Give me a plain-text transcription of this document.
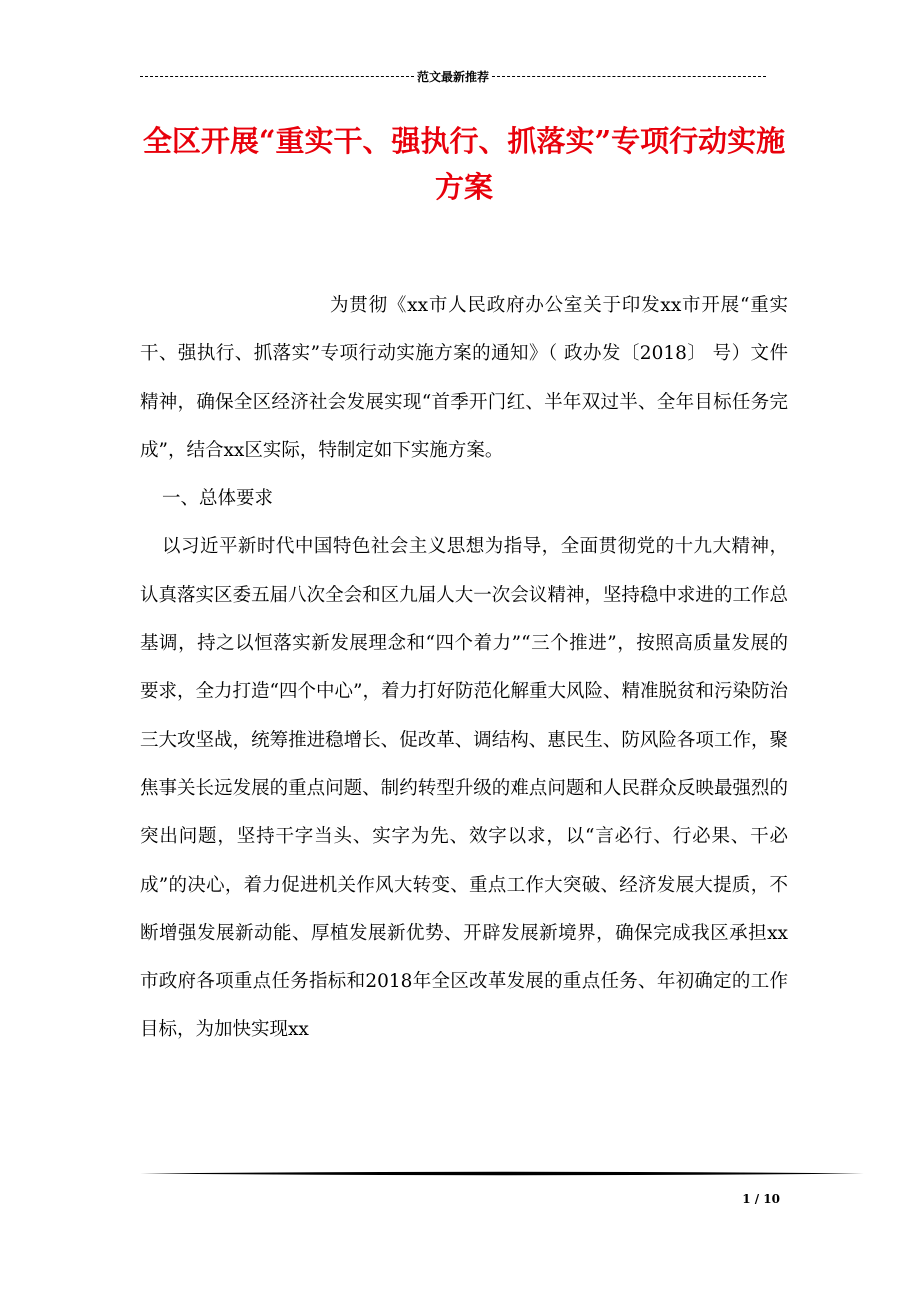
范文最新推荐
全区开展“重实干、强执行、抓落实”专项行动实施方案

为贯彻《xx市人民政府办公室关于印发xx市开展“重实干、强执行、抓落实”专项行动实施方案的通知》（ 政办发〔2018〕 号）文件精神，确保全区经济社会发展实现“首季开门红、半年双过半、全年目标任务完成”，结合xx区实际，特制定如下实施方案。

一、总体要求

以习近平新时代中国特色社会主义思想为指导，全面贯彻党的十九大精神，认真落实区委五届八次全会和区九届人大一次会议精神，坚持稳中求进的工作总基调，持之以恒落实新发展理念和“四个着力”“三个推进”，按照高质量发展的要求，全力打造“四个中心”，着力打好防范化解重大风险、精准脱贫和污染防治三大攻坚战，统筹推进稳增长、促改革、调结构、惠民生、防风险各项工作，聚焦事关长远发展的重点问题、制约转型升级的难点问题和人民群众反映最强烈的突出问题，坚持干字当头、实字为先、效字以求，以“言必行、行必果、干必成”的决心，着力促进机关作风大转变、重点工作大突破、经济发展大提质，不断增强发展新动能、厚植发展新优势、开辟发展新境界，确保完成我区承担xx市政府各项重点任务指标和2018年全区改革发展的重点任务、年初确定的工作目标，为加快实现xx

1 / 10
